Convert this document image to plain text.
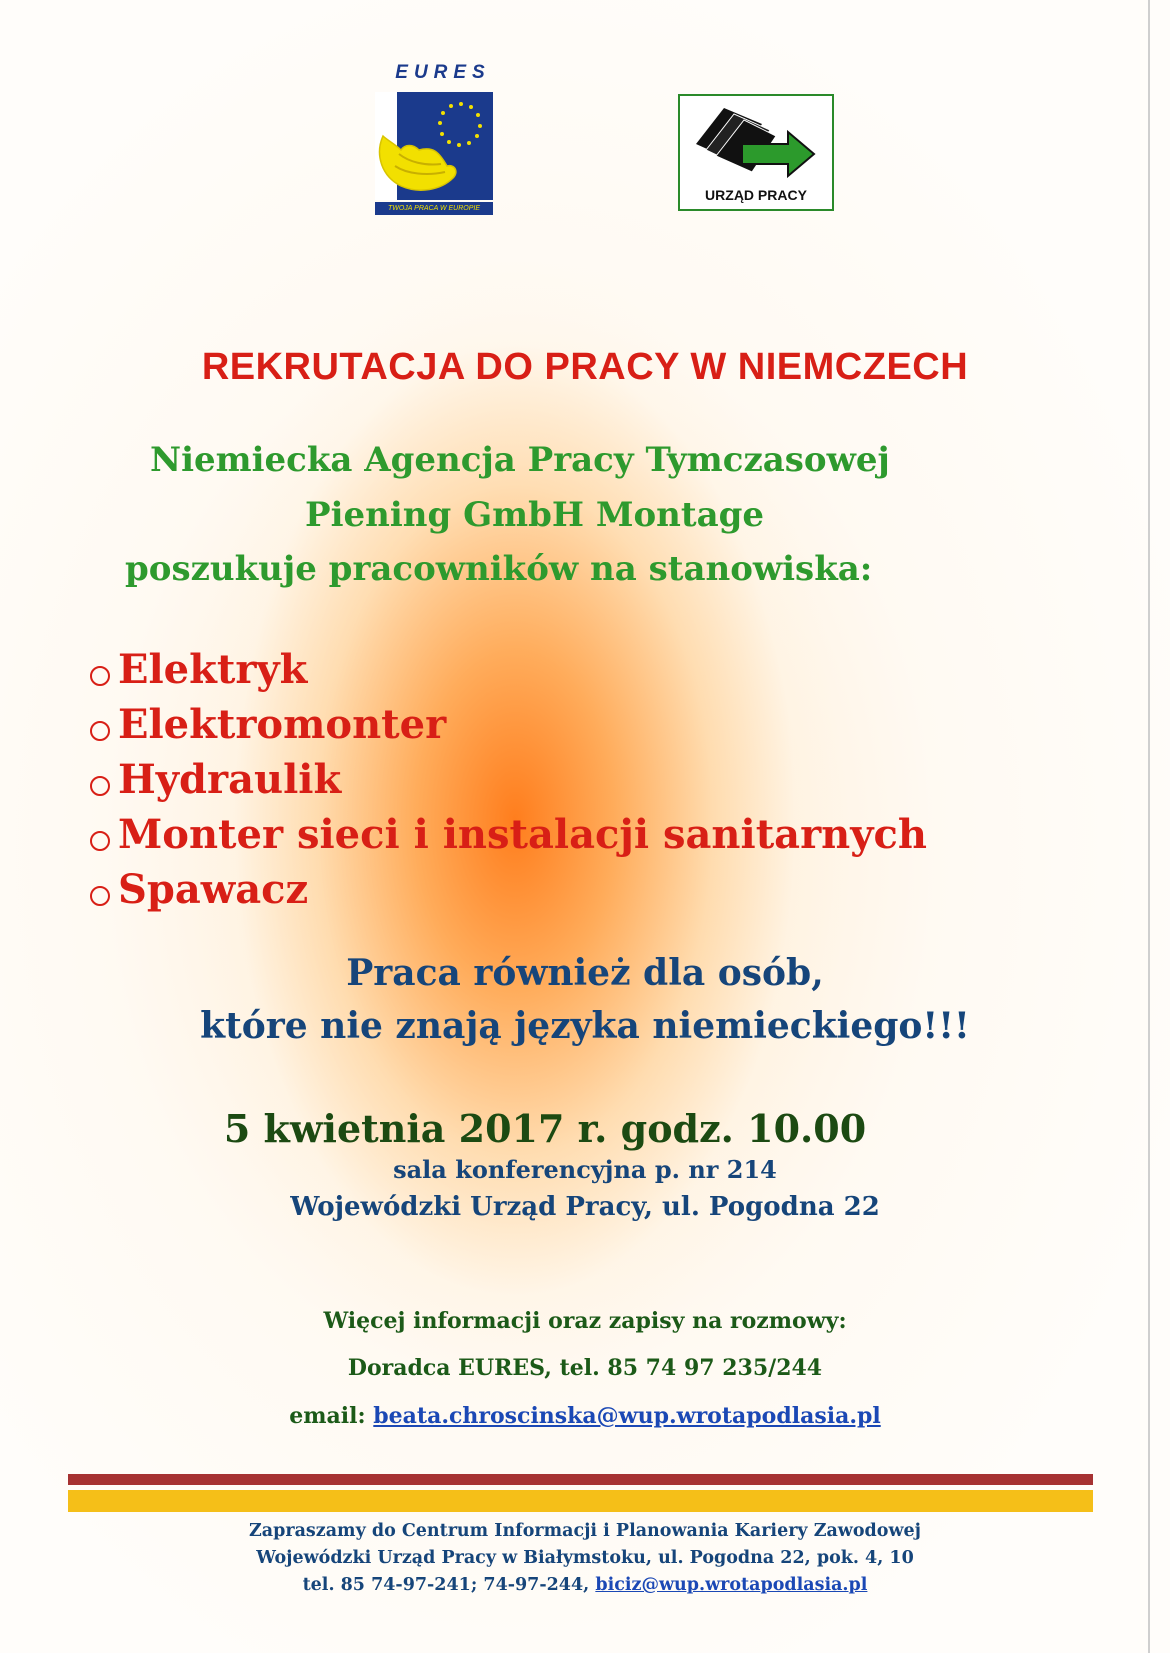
EURES
TWOJA PRACA W EUROPIE
URZĄD PRACY
REKRUTACJA DO PRACY W NIEMCZECH
Niemiecka Agencja Pracy Tymczasowej
Piening GmbH Montage
poszukuje pracowników na stanowiska:
Elektryk
Elektromonter
Hydraulik
Monter sieci i instalacji sanitarnych
Spawacz
Praca również dla osób,
które nie znają języka niemieckiego!!!
5 kwietnia 2017 r. godz. 10.00
sala konferencyjna p. nr 214
Wojewódzki Urząd Pracy, ul. Pogodna 22
Więcej informacji oraz zapisy na rozmowy:
Doradca EURES, tel. 85 74 97 235/244
email: beata.chroscinska@wup.wrotapodlasia.pl
Zapraszamy do Centrum Informacji i Planowania Kariery Zawodowej
Wojewódzki Urząd Pracy w Białymstoku, ul. Pogodna 22, pok. 4, 10
tel. 85 74-97-241; 74-97-244, biciz@wup.wrotapodlasia.pl
